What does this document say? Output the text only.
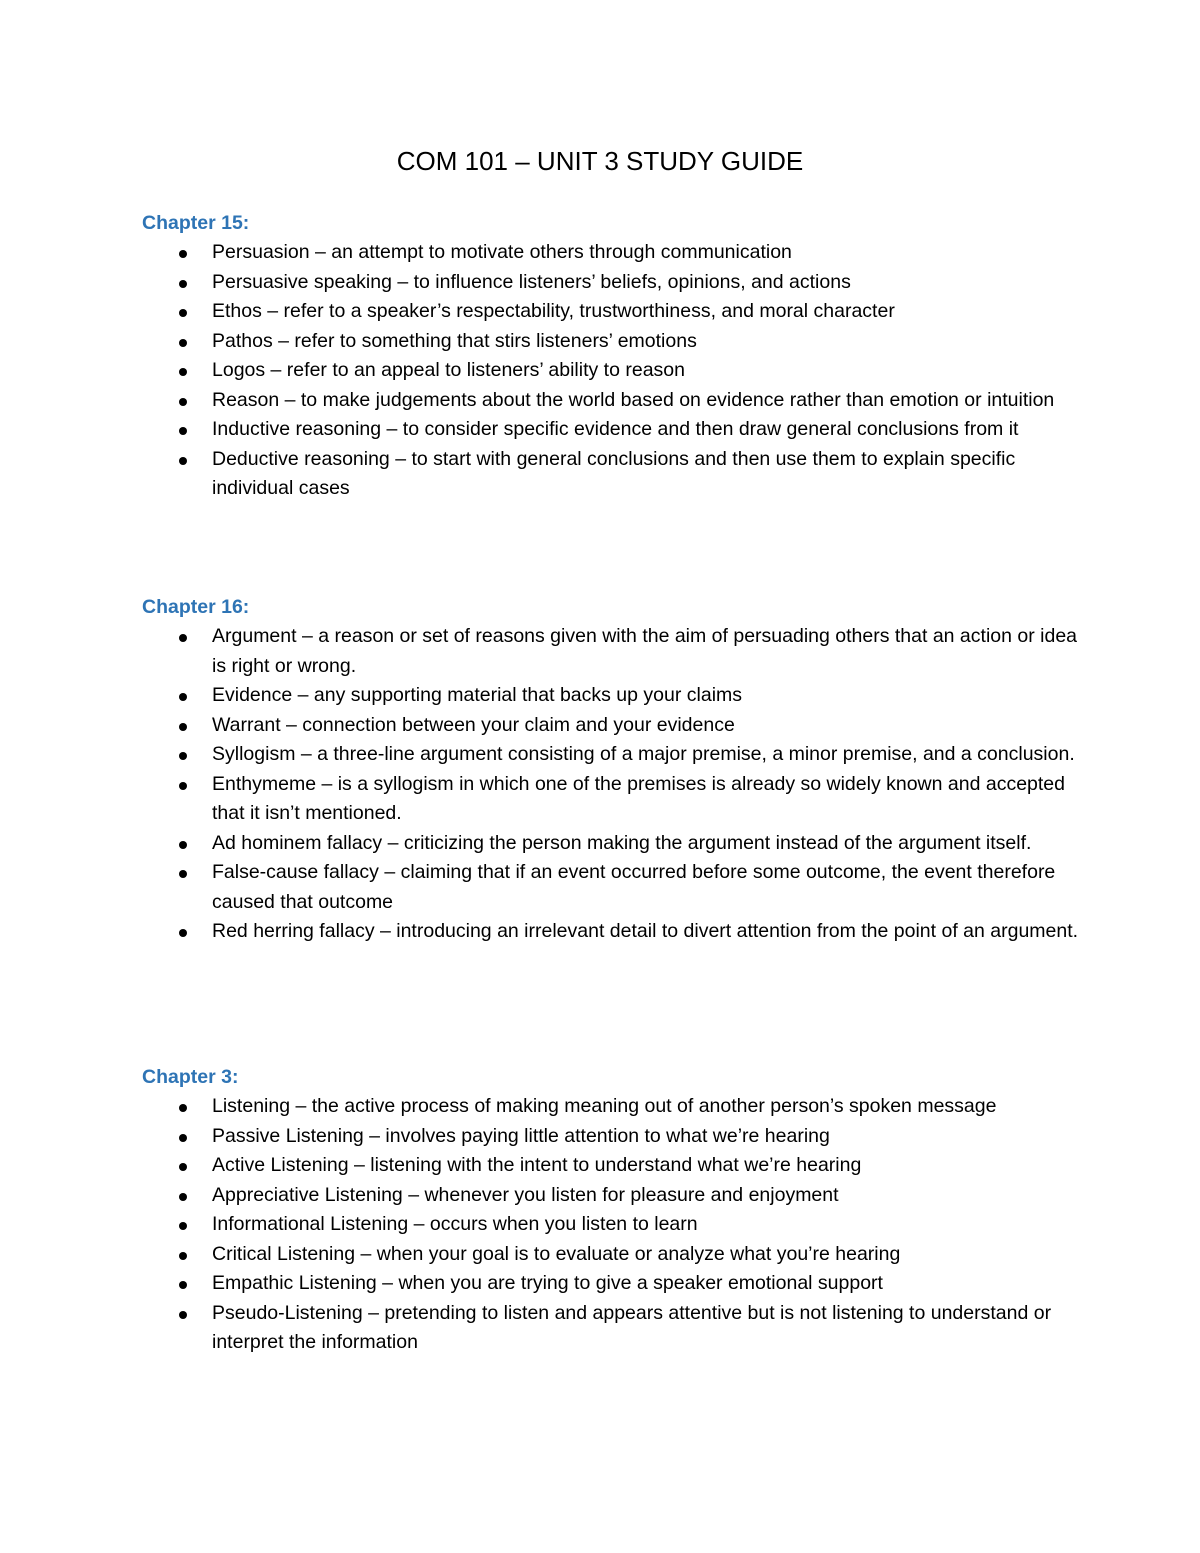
COM 101 – UNIT 3 STUDY GUIDE
Chapter 15:
Persuasion – an attempt to motivate others through communication
Persuasive speaking – to influence listeners’ beliefs, opinions, and actions
Ethos – refer to a speaker’s respectability, trustworthiness, and moral character
Pathos – refer to something that stirs listeners’ emotions
Logos – refer to an appeal to listeners’ ability to reason
Reason – to make judgements about the world based on evidence rather than emotion or intuition
Inductive reasoning – to consider specific evidence and then draw general conclusions from it
Deductive reasoning – to start with general conclusions and then use them to explain specific individual cases
Chapter 16:
Argument – a reason or set of reasons given with the aim of persuading others that an action or idea is right or wrong.
Evidence – any supporting material that backs up your claims
Warrant – connection between your claim and your evidence
Syllogism – a three-line argument consisting of a major premise, a minor premise, and a conclusion.
Enthymeme – is a syllogism in which one of the premises is already so widely known and accepted that it isn’t mentioned.
Ad hominem fallacy – criticizing the person making the argument instead of the argument itself.
False-cause fallacy – claiming that if an event occurred before some outcome, the event therefore caused that outcome
Red herring fallacy – introducing an irrelevant detail to divert attention from the point of an argument.
Chapter 3:
Listening – the active process of making meaning out of another person’s spoken message
Passive Listening – involves paying little attention to what we’re hearing
Active Listening – listening with the intent to understand what we’re hearing
Appreciative Listening – whenever you listen for pleasure and enjoyment
Informational Listening – occurs when you listen to learn
Critical Listening – when your goal is to evaluate or analyze what you’re hearing
Empathic Listening – when you are trying to give a speaker emotional support
Pseudo-Listening – pretending to listen and appears attentive but is not listening to understand or interpret the information
